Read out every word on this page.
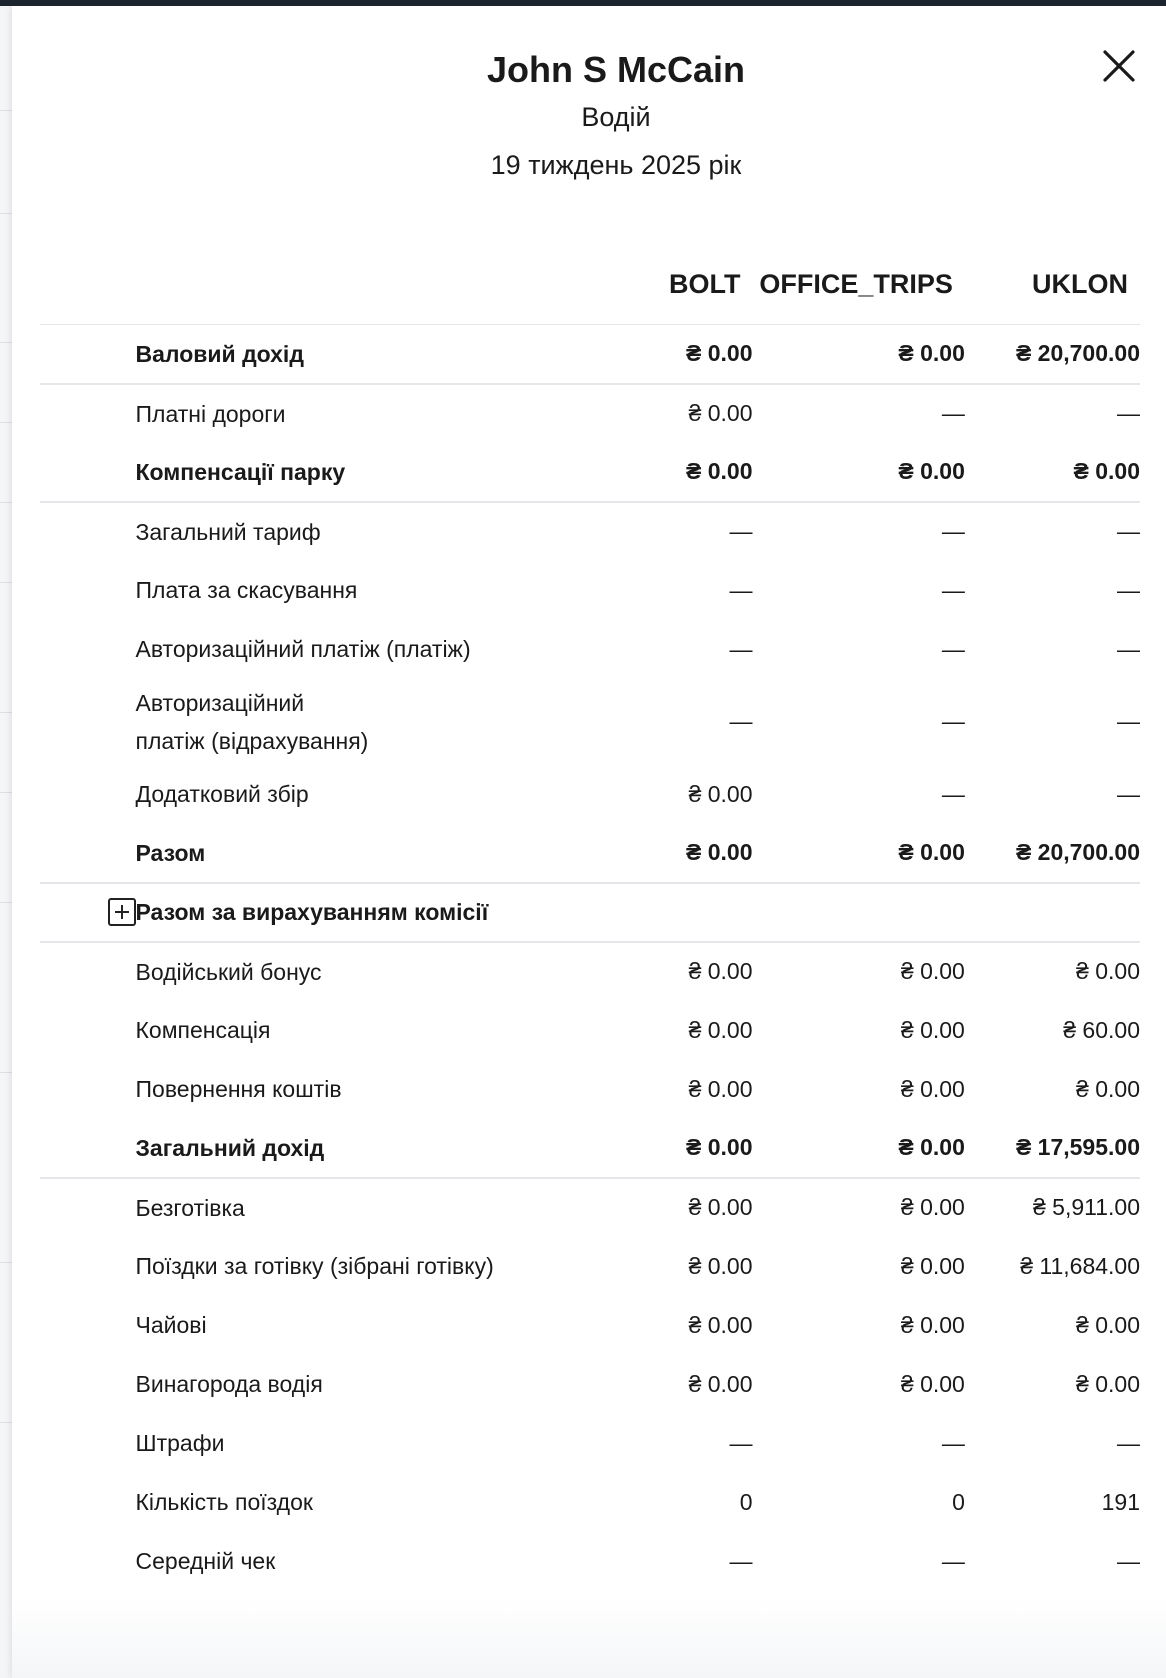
John S McCain
Водій
19 тиждень 2025 рік
		BOLT	OFFICE_TRIPS	UKLON
	Валовий дохід	₴ 0.00	₴ 0.00	₴ 20,700.00
	Платні дороги	₴ 0.00	—	—
	Компенсації парку	₴ 0.00	₴ 0.00	₴ 0.00
	Загальний тариф	—	—	—
	Плата за скасування	—	—	—
	Авторизаційний платіж (платіж)	—	—	—
	Авторизаційний платіж (відрахування)	—	—	—
	Додатковий збір	₴ 0.00	—	—
	Разом	₴ 0.00	₴ 0.00	₴ 20,700.00
	Разом за вирахуванням комісії			
	Водійський бонус	₴ 0.00	₴ 0.00	₴ 0.00
	Компенсація	₴ 0.00	₴ 0.00	₴ 60.00
	Повернення коштів	₴ 0.00	₴ 0.00	₴ 0.00
	Загальний дохід	₴ 0.00	₴ 0.00	₴ 17,595.00
	Безготівка	₴ 0.00	₴ 0.00	₴ 5,911.00
	Поїздки за готівку (зібрані готівку)	₴ 0.00	₴ 0.00	₴ 11,684.00
	Чайові	₴ 0.00	₴ 0.00	₴ 0.00
	Винагорода водія	₴ 0.00	₴ 0.00	₴ 0.00
	Штрафи	—	—	—
	Кількість поїздок	0	0	191
	Середній чек	—	—	—
